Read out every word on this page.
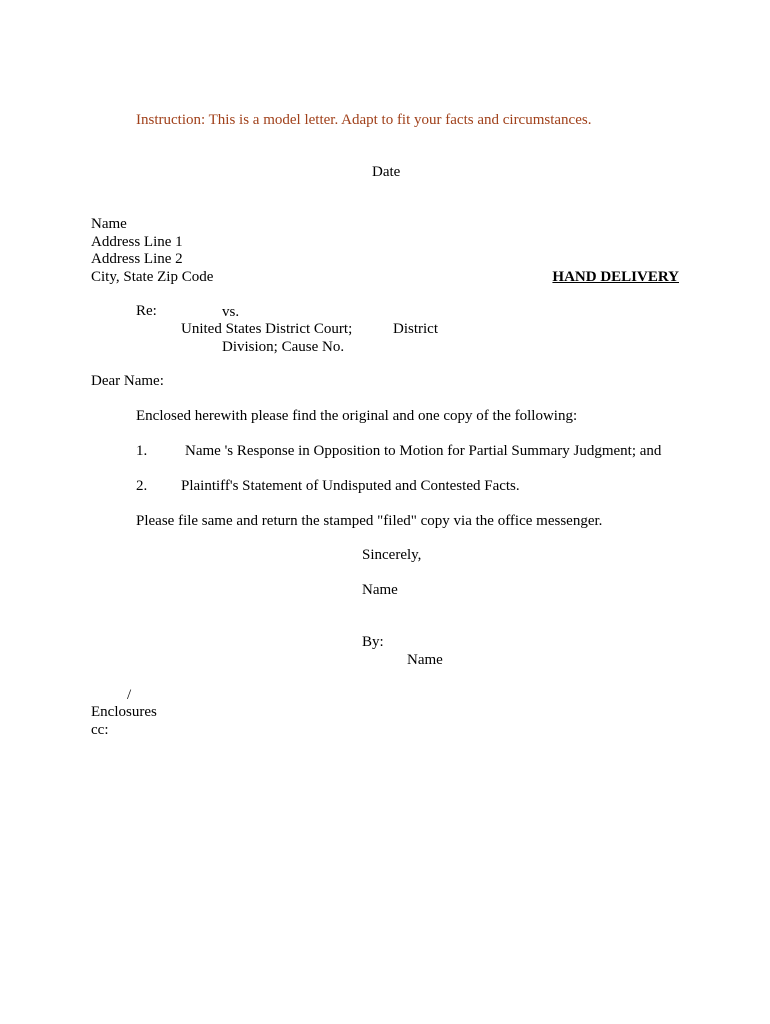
Instruction: This is a model letter. Adapt to fit your facts and circumstances.
Date
Name
Address Line 1
Address Line 2
City, State Zip Code	HAND DELIVERY
Re:	vs.
United States District Court;	District
Division; Cause No.
Dear Name:
Enclosed herewith please find the original and one copy of the following:
1.	Name 's Response in Opposition to Motion for Partial Summary Judgment; and
2. Plaintiff's Statement of Undisputed and Contested Facts.
Please file same and return the stamped "filed" copy via the office messenger.
Sincerely,
Name
By:
Name
/
Enclosures
cc:
